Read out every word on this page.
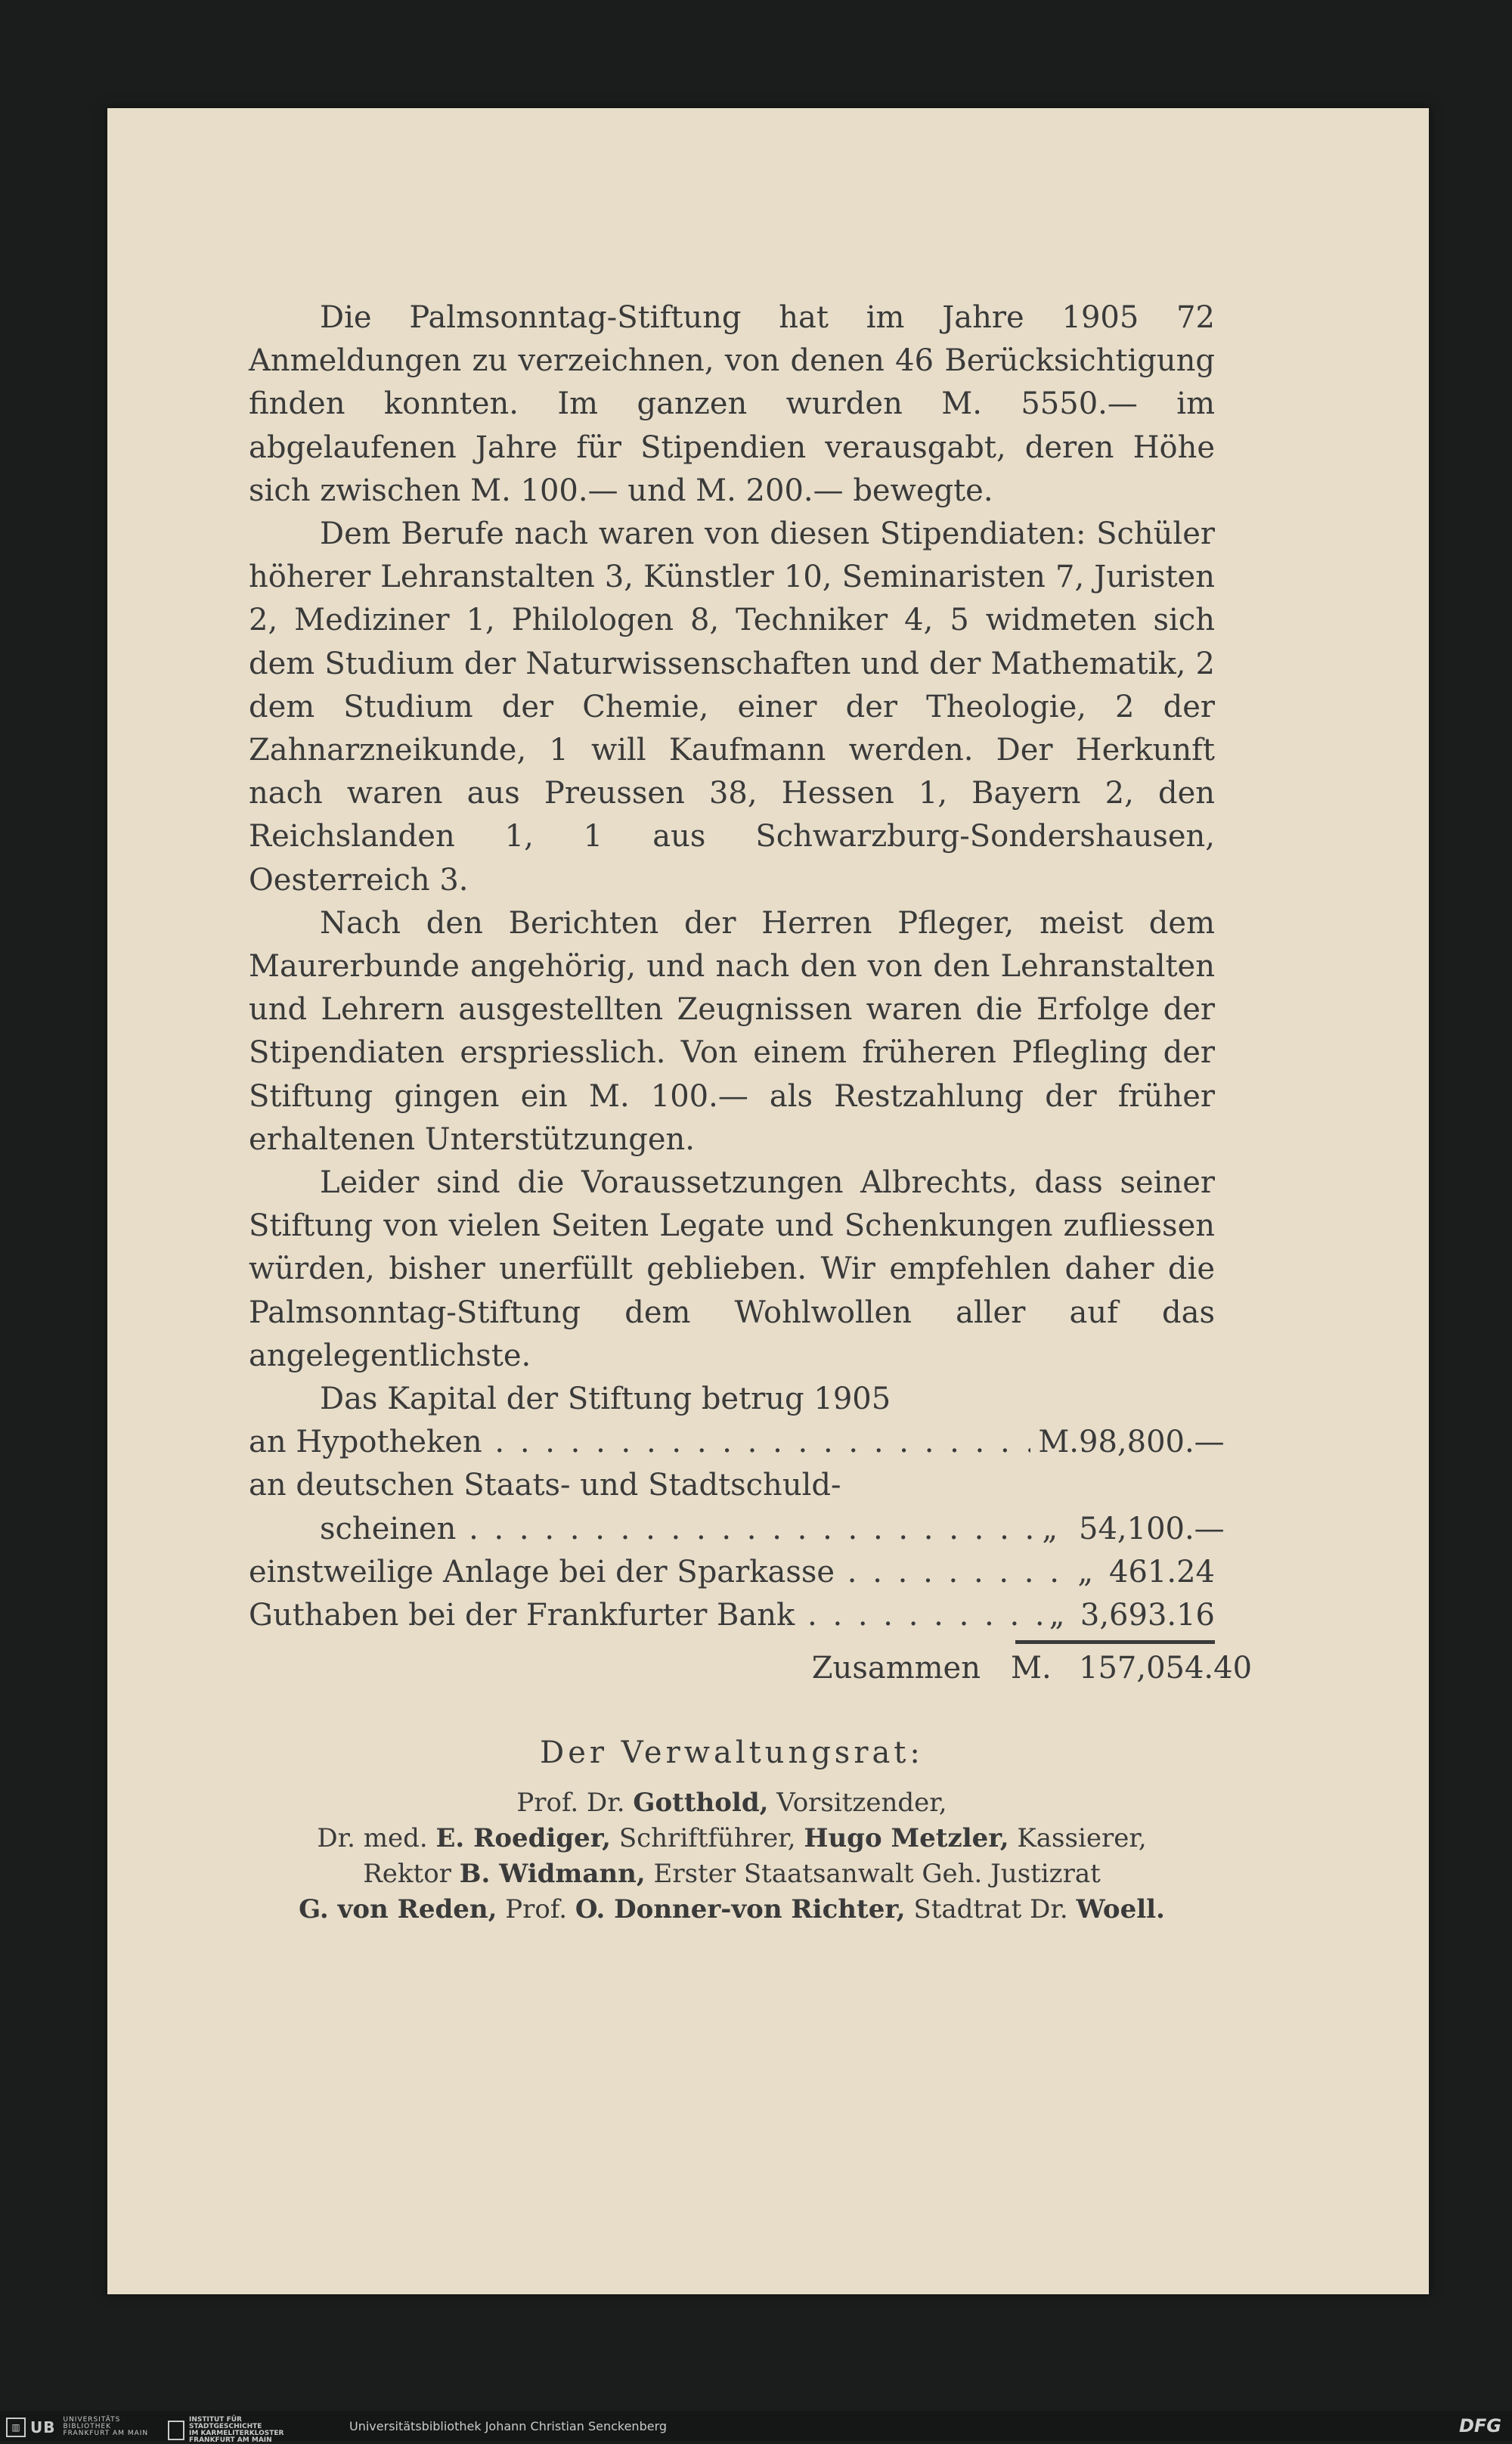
Die Palmsonntag-Stiftung hat im Jahre 1905 72 Anmeldungen zu verzeichnen, von denen 46 Berücksichtigung finden konnten. Im ganzen wurden M. 5550.— im abgelaufenen Jahre für Stipendien verausgabt, deren Höhe sich zwischen M. 100.— und M. 200.— bewegte.

Dem Berufe nach waren von diesen Stipendiaten: Schüler höherer Lehranstalten 3, Künstler 10, Seminaristen 7, Juristen 2, Mediziner 1, Philologen 8, Techniker 4, 5 widmeten sich dem Studium der Naturwissenschaften und der Mathematik, 2 dem Studium der Chemie, einer der Theologie, 2 der Zahnarzneikunde, 1 will Kaufmann werden. Der Herkunft nach waren aus Preussen 38, Hessen 1, Bayern 2, den Reichslanden 1, 1 aus Schwarzburg-Sondershausen, Oesterreich 3.

Nach den Berichten der Herren Pfleger, meist dem Maurerbunde angehörig, und nach den von den Lehranstalten und Lehrern ausgestellten Zeugnissen waren die Erfolge der Stipendiaten erspriesslich. Von einem früheren Pflegling der Stiftung gingen ein M. 100.— als Restzahlung der früher erhaltenen Unterstützungen.

Leider sind die Voraussetzungen Albrechts, dass seiner Stiftung von vielen Seiten Legate und Schenkungen zufliessen würden, bisher unerfüllt geblieben. Wir empfehlen daher die Palmsonntag-Stiftung dem Wohlwollen aller auf das angelegentlichste.

Das Kapital der Stiftung betrug 1905

an Hypotheken . . .	M. 98,800.—
an deutschen Staats- und Stadtschuld-
scheinen . . .	„ 54,100.—
einstweilige Anlage bei der Sparkasse . . .	„ 461.24
Guthaben bei der Frankfurter Bank . . .	„ 3,693.16
Zusammen M. 157,054.40
Der Verwaltungsrat:
Prof. Dr. Gotthold, Vorsitzender,
Dr. med. E. Roediger, Schriftführer, Hugo Metzler, Kassierer,
Rektor B. Widmann, Erster Staatsanwalt Geh. Justizrat
G. von Reden, Prof. O. Donner-von Richter, Stadtrat Dr. Woell.
▥ UB UNIVERSITÄTS
BIBLIOTHEK
FRANKFURT AM MAIN
INSTITUT FÜR
STADTGESCHICHTE
IM KARMELITERKLOSTER
FRANKFURT AM MAIN
Universitätsbibliothek Johann Christian Senckenberg	DFG
